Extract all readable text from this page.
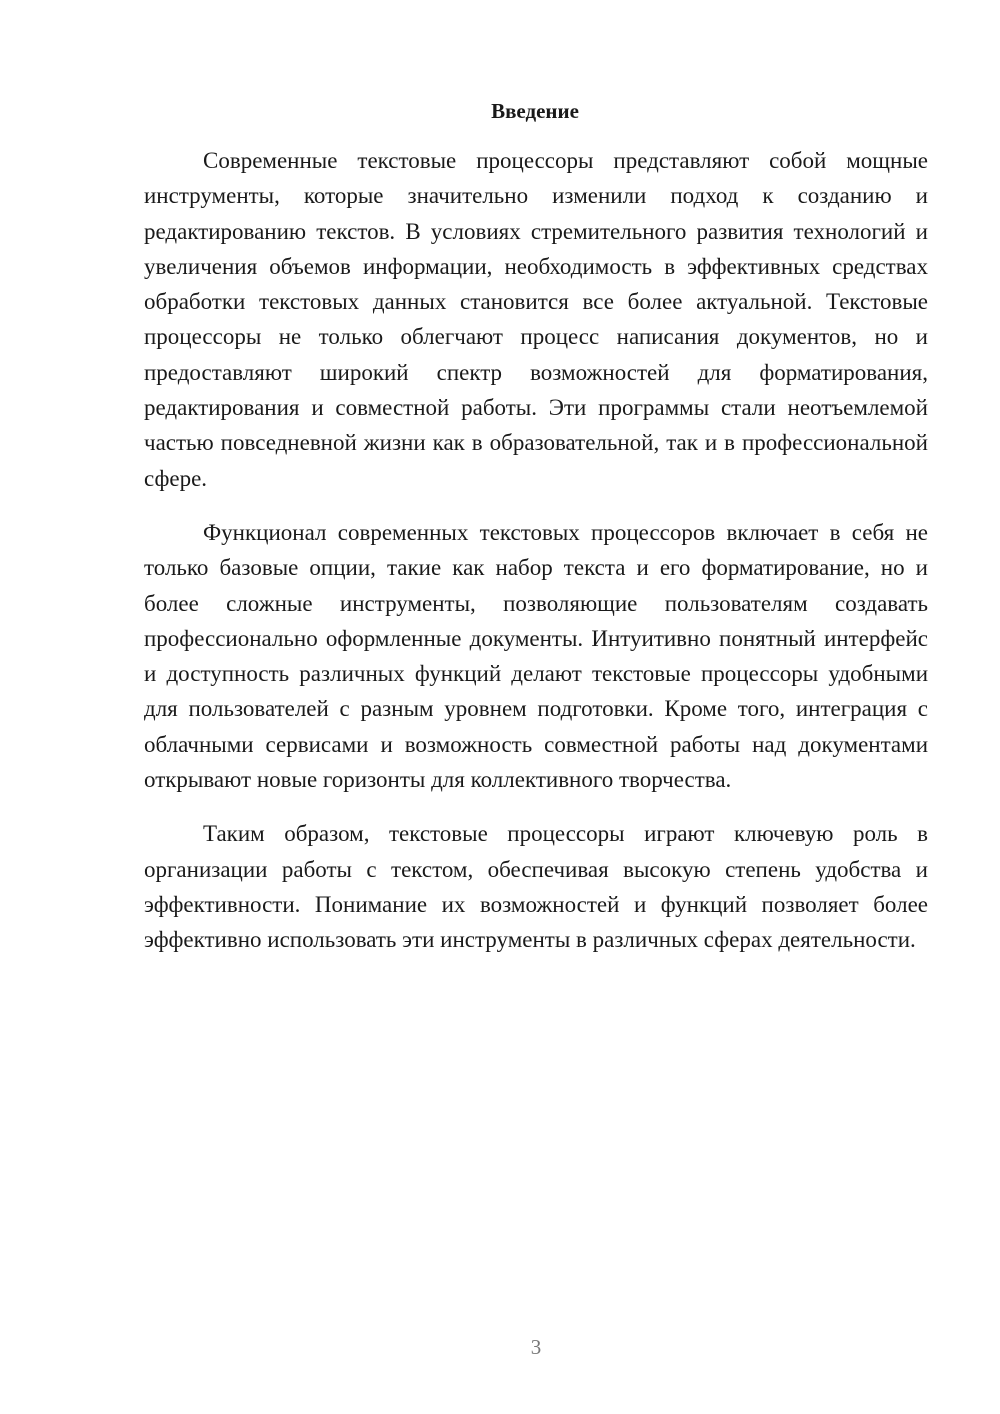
Введение

Современные текстовые процессоры представляют собой мощные инструменты, которые значительно изменили подход к созданию и редактированию текстов. В условиях стремительного развития технологий и увеличения объемов информации, необходимость в эффективных средствах обработки текстовых данных становится все более актуальной. Текстовые процессоры не только облегчают процесс написания документов, но и предоставляют широкий спектр возможностей для форматирования, редактирования и совместной работы. Эти программы стали неотъемлемой частью повседневной жизни как в образовательной, так и в профессиональной сфере.

Функционал современных текстовых процессоров включает в себя не только базовые опции, такие как набор текста и его форматирование, но и более сложные инструменты, позволяющие пользователям создавать профессионально оформленные документы. Интуитивно понятный интерфейс и доступность различных функций делают текстовые процессоры удобными для пользователей с разным уровнем подготовки. Кроме того, интеграция с облачными сервисами и возможность совместной работы над документами открывают новые горизонты для коллективного творчества.

Таким образом, текстовые процессоры играют ключевую роль в организации работы с текстом, обеспечивая высокую степень удобства и эффективности. Понимание их возможностей и функций позволяет более эффективно использовать эти инструменты в различных сферах деятельности.

3
